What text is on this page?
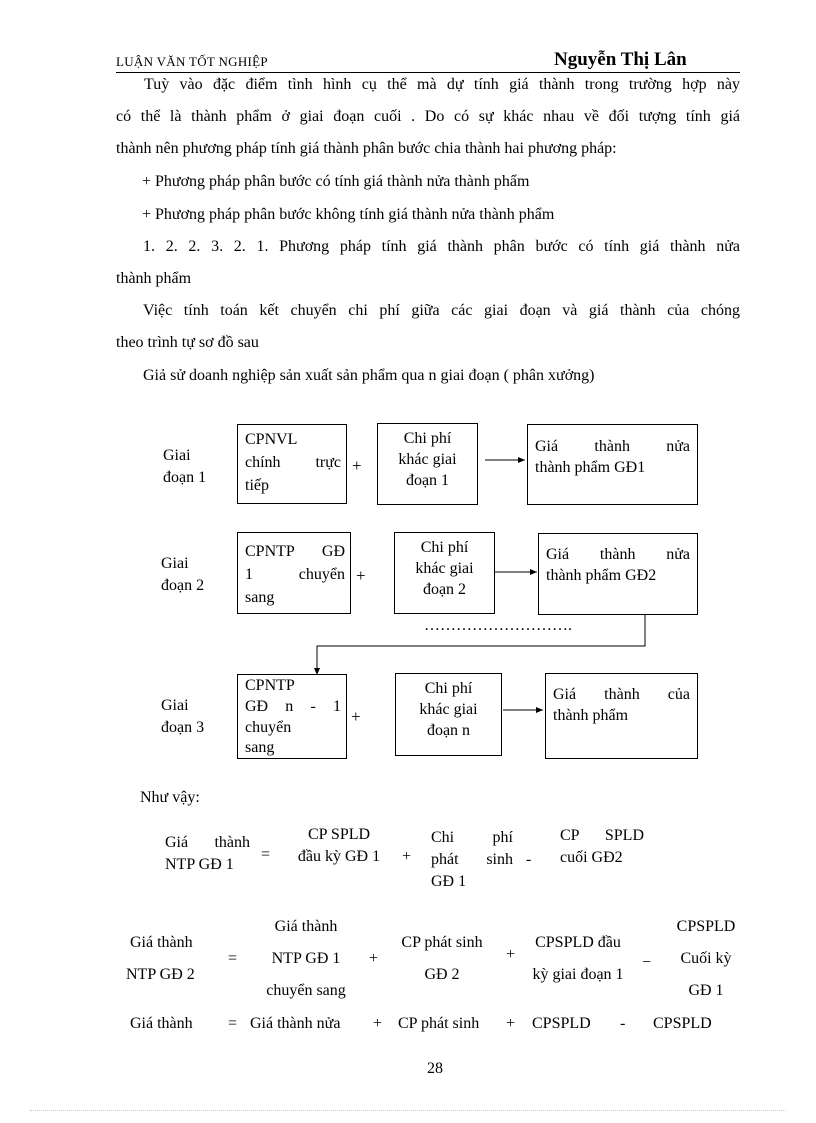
LUẬN VĂN TỐT NGHIỆP	Nguyễn Thị Lân
Tuỳ vào đặc điểm tình hình cụ thể mà dự tính giá thành trong trường hợp này
có thể là thành phẩm ở giai đoạn cuối . Do có sự khác nhau về đối tượng tính giá
thành nên phương pháp tính giá thành phân bước chia thành hai phương pháp:
+ Phương pháp phân bước có tính giá thành nửa thành phẩm
+ Phương pháp phân bước không tính giá thành nửa thành phẩm
1. 2. 2. 3. 2. 1. Phương pháp tính giá thành phân bước có tính giá thành nửa
thành phẩm
Việc tính toán kết chuyển chi phí giữa các giai đoạn và giá thành của chóng
theo trình tự sơ đồ sau
Giả sử doanh nghiệp sản xuất sản phẩm qua n giai đoạn ( phân xưởng)
Giai
đoạn 1
CPNVL
chính trực
tiếp
+
Chi phí
khác giai
đoạn 1
Giá thành nửa
thành phẩm GĐ1
Giai
đoạn 2
CPNTP GĐ
1 chuyển
sang
+
Chi phí
khác giai
đoạn 2
Giá thành nửa
thành phẩm GĐ2
……………………….
Giai
đoạn 3
CPNTP
GĐ n - 1
chuyển
sang
+
Chi phí
khác giai
đoạn n
Giá thành của
thành phẩm
Như vậy:
Giá thành
NTP GĐ 1
=
CP SPLD
đầu kỳ GĐ 1	+
Chi phí
phát sinh
GĐ 1
-
CP SPLD
cuối GĐ2
Giá thành
NTP GĐ 2
=
Giá thành
NTP GĐ 1
chuyển sang
+
CP phát sinh
GĐ 2
+
CPSPLD đầu
kỳ giai đoạn 1
−
CPSPLD
Cuối kỳ
GĐ 1
Giá thành = Giá thành nửa + CP phát sinh + CPSPLD - CPSPLD
28
